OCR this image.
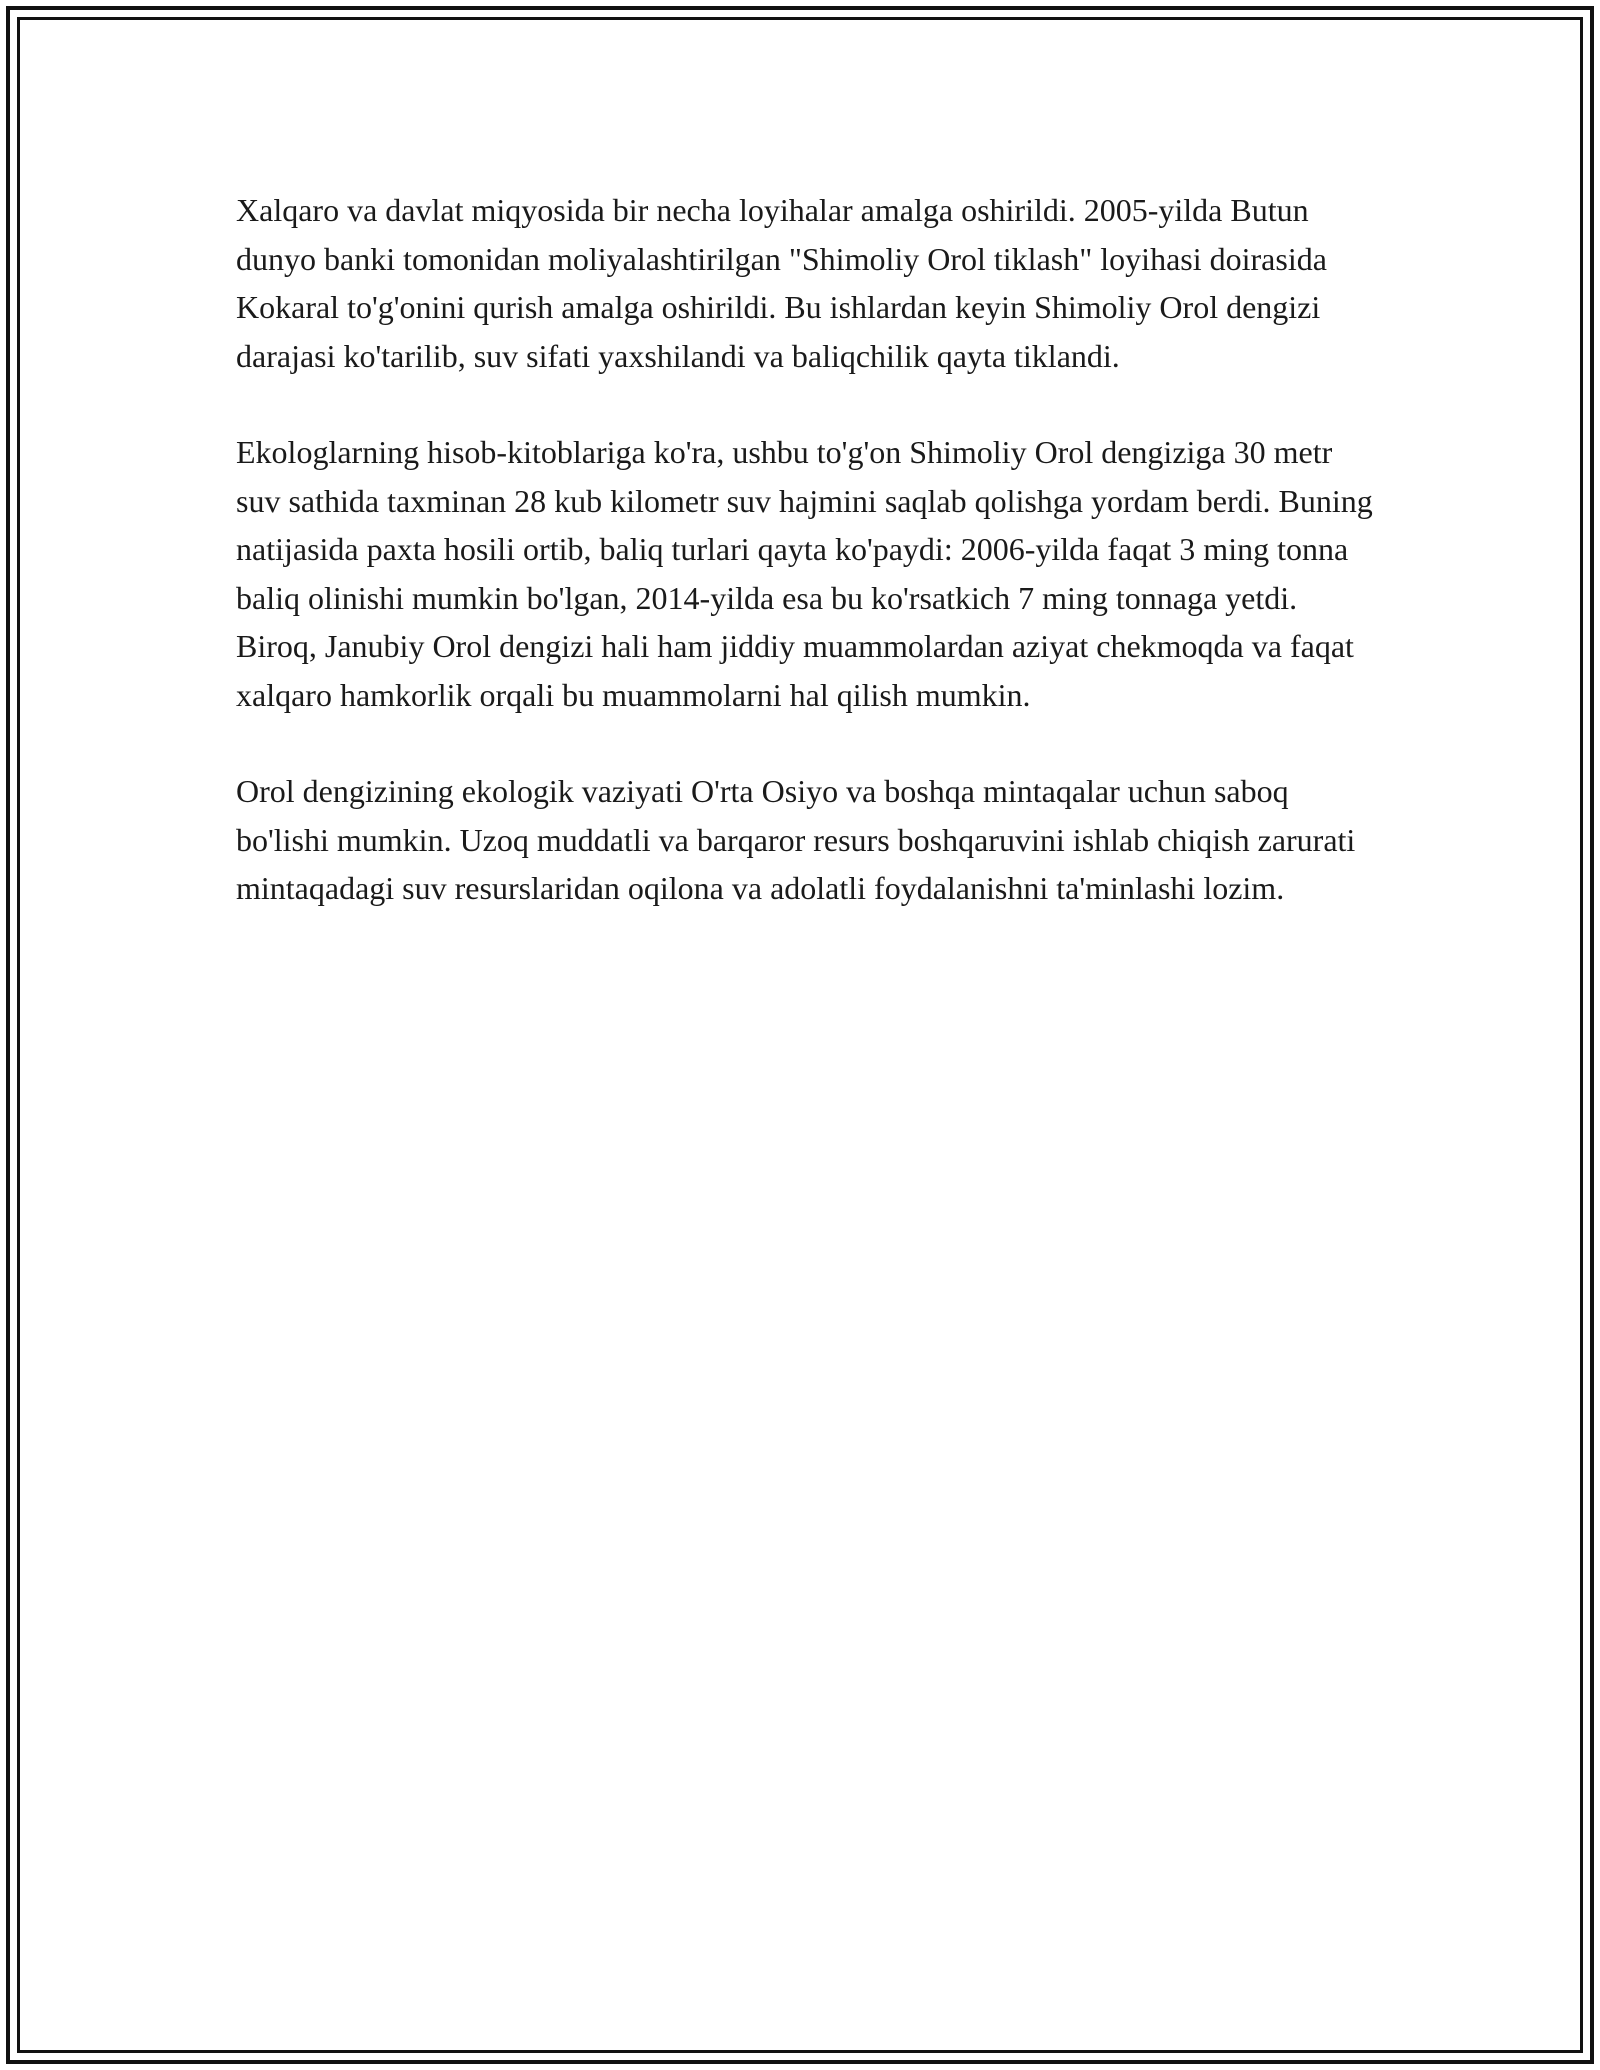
Xalqaro va davlat miqyosida bir necha loyihalar amalga oshirildi. 2005-yilda Butun dunyo banki tomonidan moliyalashtirilgan "Shimoliy Orol tiklash" loyihasi doirasida Kokaral to'g'onini qurish amalga oshirildi. Bu ishlardan keyin Shimoliy Orol dengizi darajasi ko'tarilib, suv sifati yaxshilandi va baliqchilik qayta tiklandi.

Ekologlarning hisob-kitoblariga ko'ra, ushbu to'g'on Shimoliy Orol dengiziga 30 metr suv sathida taxminan 28 kub kilometr suv hajmini saqlab qolishga yordam berdi. Buning natijasida paxta hosili ortib, baliq turlari qayta ko'paydi: 2006-yilda faqat 3 ming tonna baliq olinishi mumkin bo'lgan, 2014-yilda esa bu ko'rsatkich 7 ming tonnaga yetdi. Biroq, Janubiy Orol dengizi hali ham jiddiy muammolardan aziyat chekmoqda va faqat xalqaro hamkorlik orqali bu muammolarni hal qilish mumkin.

Orol dengizining ekologik vaziyati O'rta Osiyo va boshqa mintaqalar uchun saboq bo'lishi mumkin. Uzoq muddatli va barqaror resurs boshqaruvini ishlab chiqish zarurati mintaqadagi suv resurslaridan oqilona va adolatli foydalanishni ta'minlashi lozim.
